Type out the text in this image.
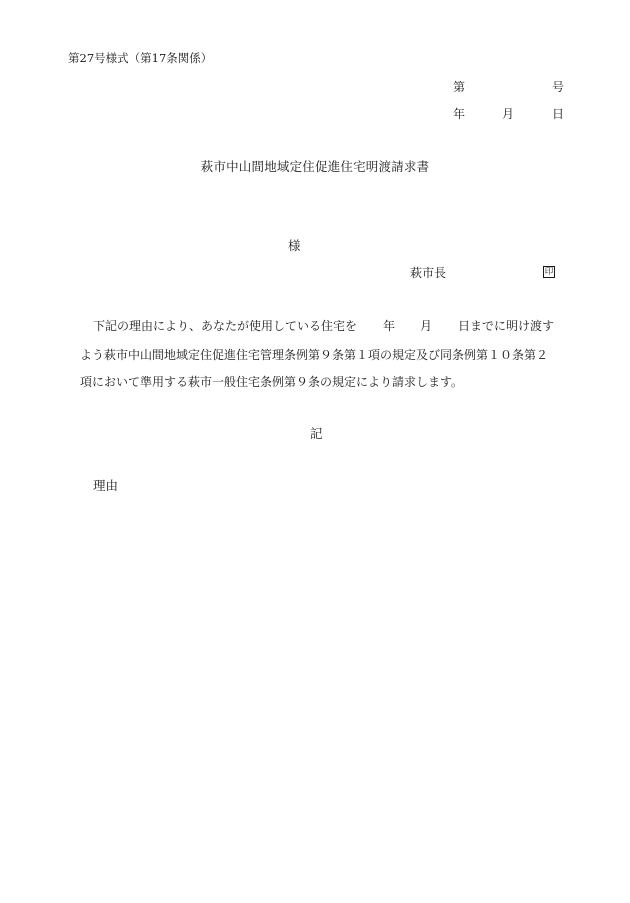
第27号様式（第17条関係）
第	号
年	月	日
萩市中山間地域定住促進住宅明渡請求書
様
萩市長	印
下記の理由により、あなたが使用している住宅を 年 月 日までに明け渡す
よう萩市中山間地域定住促進住宅管理条例第９条第１項の規定及び同条例第１０条第２
項において準用する萩市一般住宅条例第９条の規定により請求します。
記
理由
